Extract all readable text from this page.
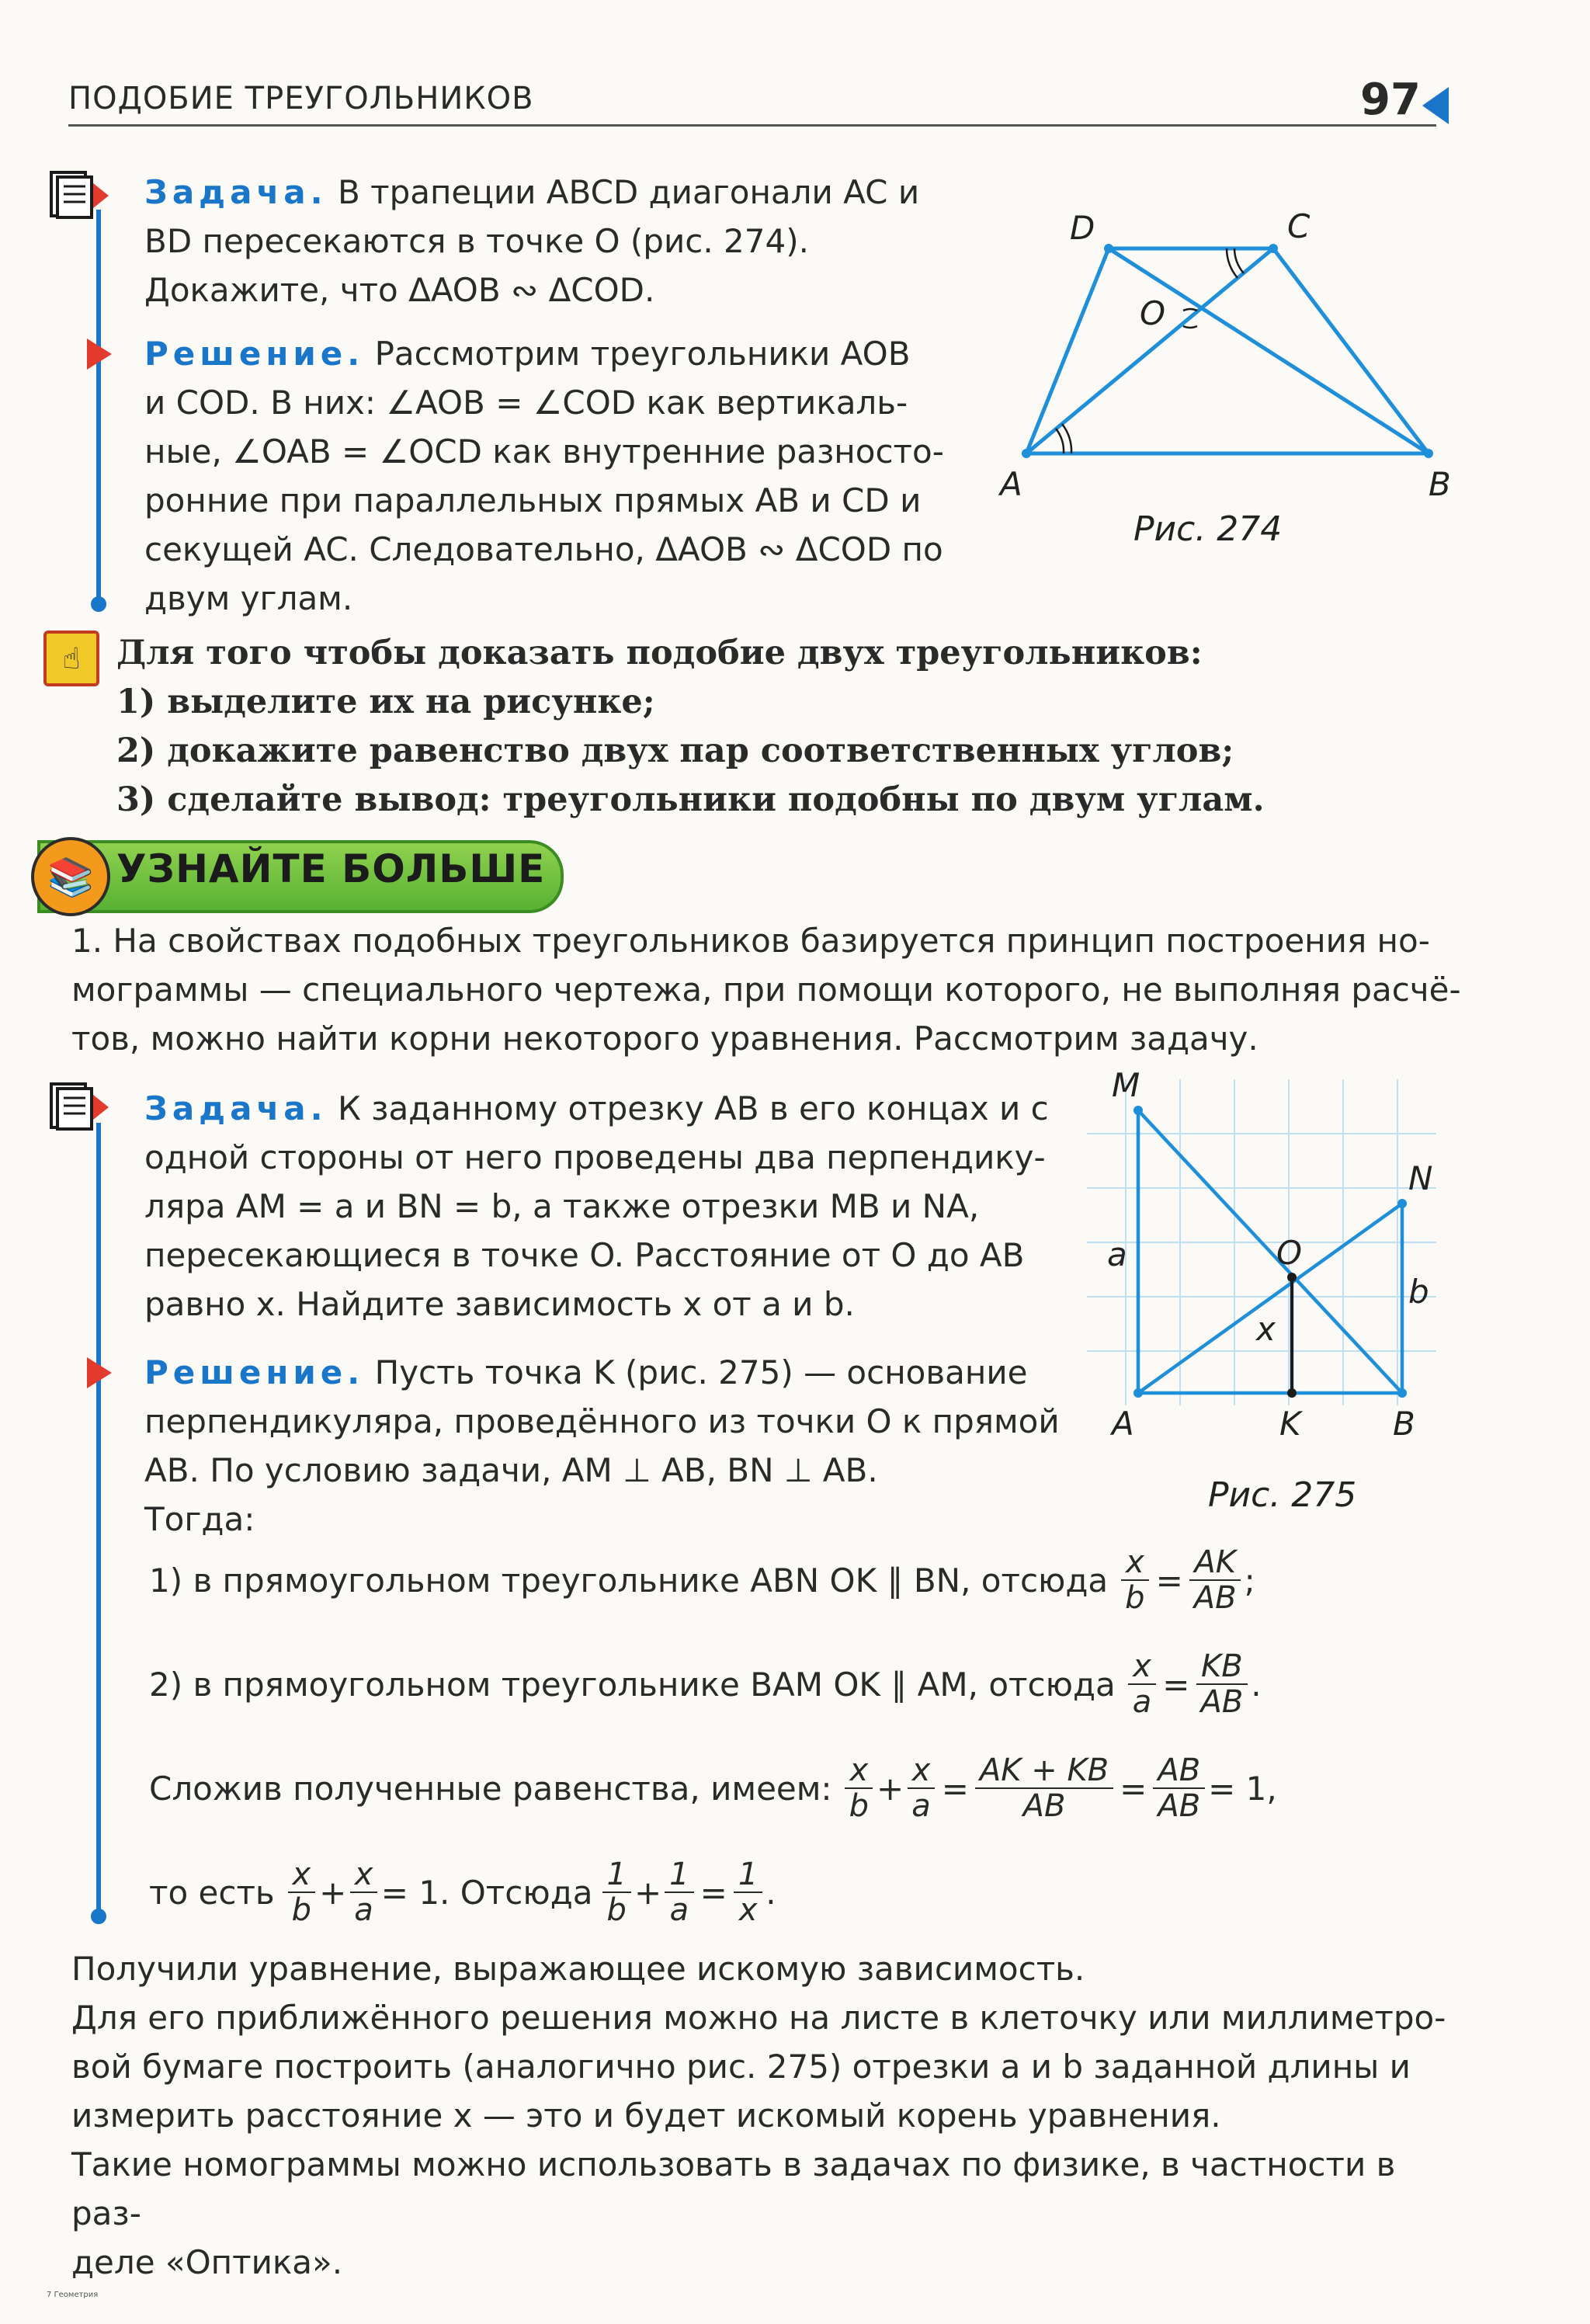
ПОДОБИЕ ТРЕУГОЛЬНИКОВ	97
Задача. В трапеции ABCD диагонали AC и
BD пересекаются в точке O (рис. 274).
Докажите, что ΔAOB ∾ ΔCOD.
Решение. Рассмотрим треугольники AOB
и COD. В них: ∠AOB = ∠COD как вертикаль-
ные, ∠OAB = ∠OCD как внутренние разносто-
ронние при параллельных прямых AB и CD и
секущей AC. Следовательно, ΔAOB ∾ ΔCOD по
двум углам.
D	C
O
A	B
Рис. 274
☝	Для того чтобы доказать подобие двух треугольников:
1) выделите их на рисунке;
2) докажите равенство двух пар соответственных углов;
3) сделайте вывод: треугольники подобны по двум углам.
📚 УЗНАЙТЕ БОЛЬШЕ
1. На свойствах подобных треугольников базируется принцип построения но-
мограммы — специального чертежа, при помощи которого, не выполняя расчё-
тов, можно найти корни некоторого уравнения. Рассмотрим задачу.
Задача. К заданному отрезку AB в его концах и с
одной стороны от него проведены два перпендику-
ляра AM = a и BN = b, а также отрезки MB и NA,
пересекающиеся в точке O. Расстояние от O до AB
равно x. Найдите зависимость x от a и b.
Решение. Пусть точка K (рис. 275) — основание
перпендикуляра, проведённого из точки O к прямой
AB. По условию задачи, AM ⊥ AB, BN ⊥ AB.
Тогда:
1) в прямоугольном треугольнике ABN OK ∥ BN, отсюда $\frac{x}{b} = \frac{AK}{AB}$ ;
2) в прямоугольном треугольнике BAM OK ∥ AM, отсюда $\frac{x}{a} = \frac{KB}{AB}$ .
Сложив полученные равенства, имеем: $\frac{x}{b} + \frac{x}{a} = \frac{AK + KB}{AB} = \frac{AB}{AB} = 1$,
то есть $\frac{x}{b} + \frac{x}{a} = 1$ . Отсюда $\frac{1}{b} + \frac{1}{a} = \frac{1}{x}$ .
M
N
O
a
b
x
A	K	B
Рис. 275
Получили уравнение, выражающее искомую зависимость.
Для его приближённого решения можно на листе в клеточку или миллиметро-
вой бумаге построить (аналогично рис. 275) отрезки a и b заданной длины и
измерить расстояние x — это и будет искомый корень уравнения.
Такие номограммы можно использовать в задачах по физике, в частности в раз-
деле «Оптика».
7 Геометрия
